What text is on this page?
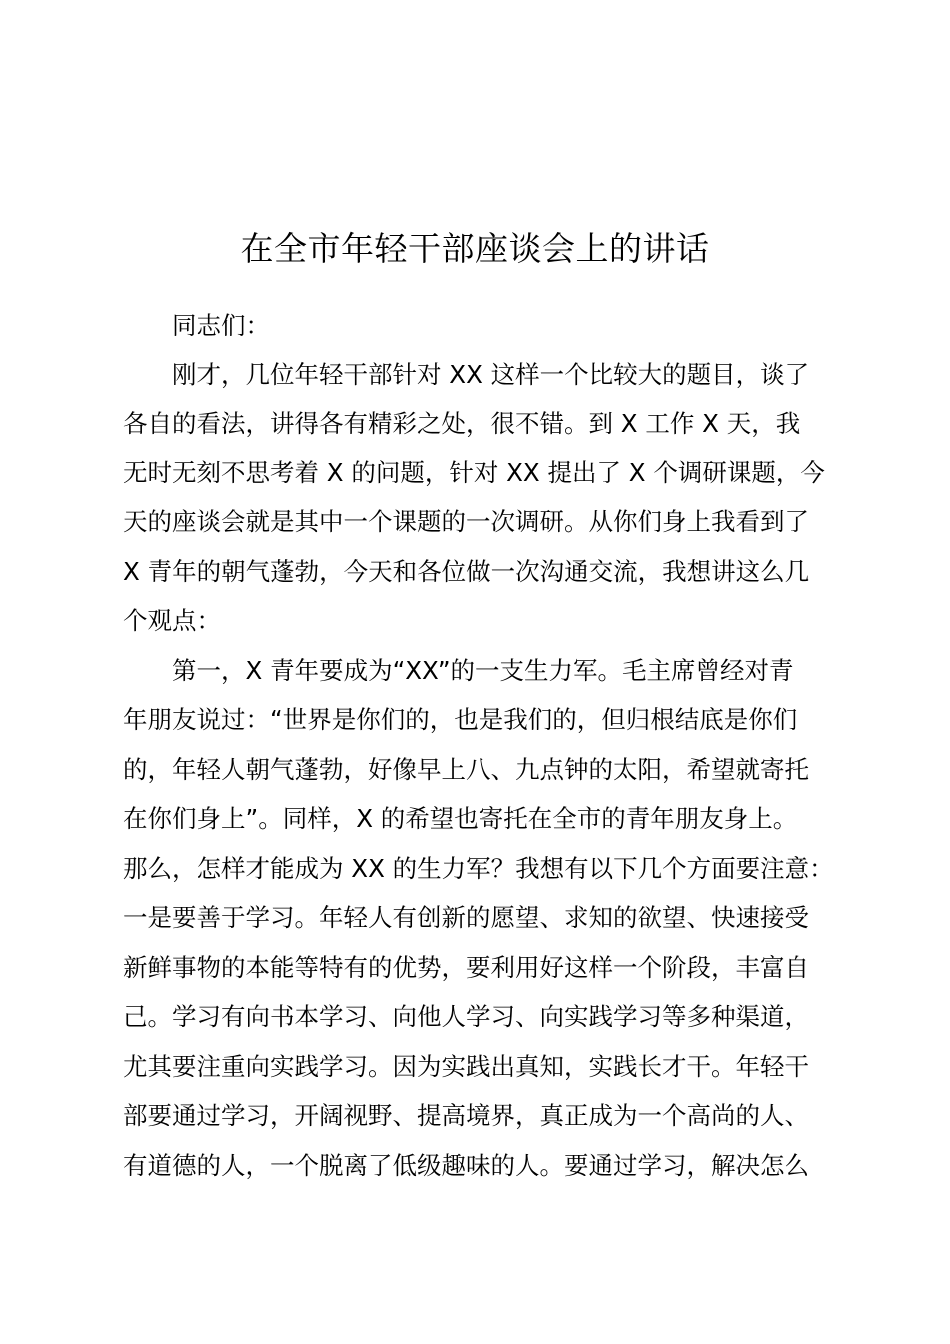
在全市年轻干部座谈会上的讲话
同志们：
刚才，几位年轻干部针对 XX 这样一个比较大的题目，谈了
各自的看法，讲得各有精彩之处，很不错。到 X 工作 X 天，我
无时无刻不思考着 X 的问题，针对 XX 提出了 X 个调研课题，今
天的座谈会就是其中一个课题的一次调研。从你们身上我看到了
X 青年的朝气蓬勃，今天和各位做一次沟通交流，我想讲这么几
个观点：
第一，X 青年要成为“XX”的一支生力军。毛主席曾经对青
年朋友说过：“世界是你们的，也是我们的，但归根结底是你们
的，年轻人朝气蓬勃，好像早上八、九点钟的太阳，希望就寄托
在你们身上”。同样，X 的希望也寄托在全市的青年朋友身上。
那么，怎样才能成为 XX 的生力军？我想有以下几个方面要注意：
一是要善于学习。年轻人有创新的愿望、求知的欲望、快速接受
新鲜事物的本能等特有的优势，要利用好这样一个阶段，丰富自
己。学习有向书本学习、向他人学习、向实践学习等多种渠道，
尤其要注重向实践学习。因为实践出真知，实践长才干。年轻干
部要通过学习，开阔视野、提高境界，真正成为一个高尚的人、
有道德的人，一个脱离了低级趣味的人。要通过学习，解决怎么
